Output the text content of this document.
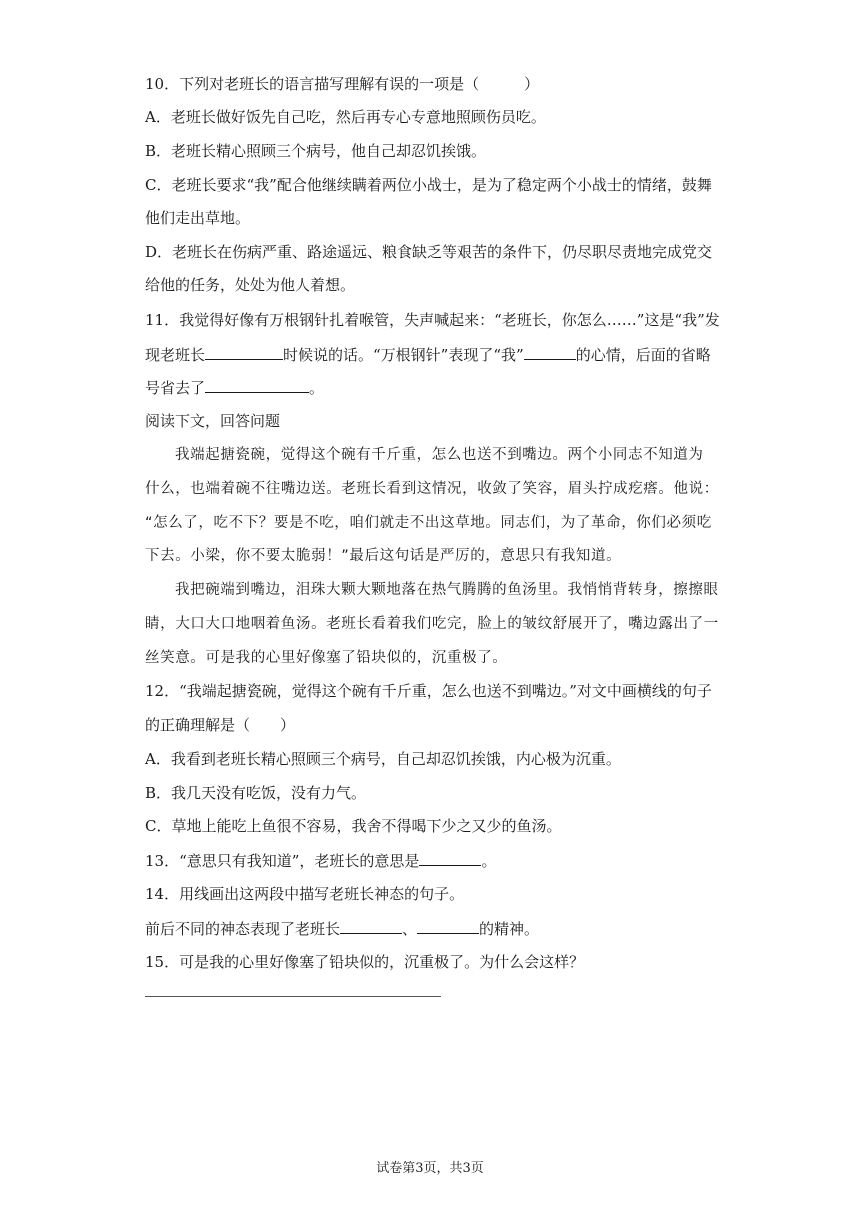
10．下列对老班长的语言描写理解有误的一项是（　　　）
A．老班长做好饭先自己吃，然后再专心专意地照顾伤员吃。
B．老班长精心照顾三个病号，他自己却忍饥挨饿。
C．老班长要求“我”配合他继续瞒着两位小战士，是为了稳定两个小战士的情绪，鼓舞
他们走出草地。
D．老班长在伤病严重、路途遥远、粮食缺乏等艰苦的条件下，仍尽职尽责地完成党交
给他的任务，处处为他人着想。
11．我觉得好像有万根钢针扎着喉管，失声喊起来：“老班长，你怎么……”这是“我”发
现老班长	时候说的话。“万根钢针”表现了“我”	的心情，后面的省略
号省去了	。
阅读下文，回答问题
我端起搪瓷碗，觉得这个碗有千斤重，怎么也送不到嘴边。两个小同志不知道为
什么，也端着碗不往嘴边送。老班长看到这情况，收敛了笑容，眉头拧成疙瘩。他说：
“怎么了，吃不下？要是不吃，咱们就走不出这草地。同志们，为了革命，你们必须吃
下去。小梁，你不要太脆弱！”最后这句话是严厉的，意思只有我知道。
我把碗端到嘴边，泪珠大颗大颗地落在热气腾腾的鱼汤里。我悄悄背转身，擦擦眼
睛，大口大口地咽着鱼汤。老班长看着我们吃完，脸上的皱纹舒展开了，嘴边露出了一
丝笑意。可是我的心里好像塞了铅块似的，沉重极了。
12．“我端起搪瓷碗，觉得这个碗有千斤重，怎么也送不到嘴边。”对文中画横线的句子
的正确理解是（　　）
A．我看到老班长精心照顾三个病号，自己却忍饥挨饿，内心极为沉重。
B．我几天没有吃饭，没有力气。
C．草地上能吃上鱼很不容易，我舍不得喝下少之又少的鱼汤。
13．“意思只有我知道”，老班长的意思是	。
14．用线画出这两段中描写老班长神态的句子。
前后不同的神态表现了老班长	、	的精神。
15．可是我的心里好像塞了铅块似的，沉重极了。为什么会这样？
试卷第3页，共3页
